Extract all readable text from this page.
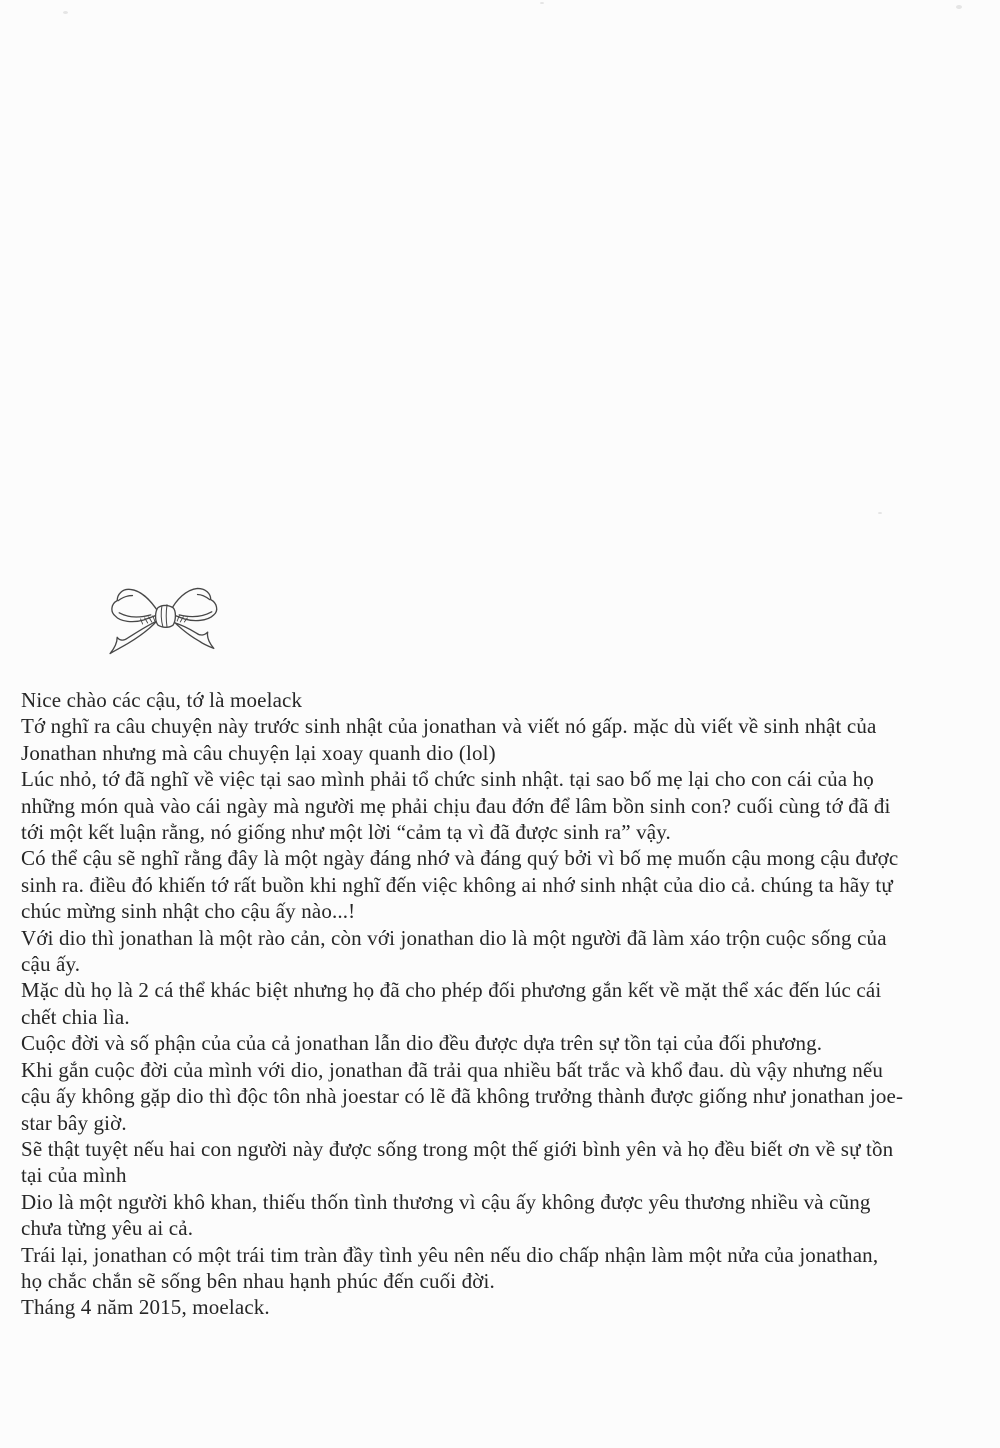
Nice chào các cậu, tớ là moelack
Tớ nghĩ ra câu chuyện này trước sinh nhật của jonathan và viết nó gấp. mặc dù viết về sinh nhật của
Jonathan nhưng mà câu chuyện lại xoay quanh dio (lol)
Lúc nhỏ, tớ đã nghĩ về việc tại sao mình phải tổ chức sinh nhật. tại sao bố mẹ lại cho con cái của họ
những món quà vào cái ngày mà người mẹ phải chịu đau đớn để lâm bồn sinh con? cuối cùng tớ đã đi
tới một kết luận rằng, nó giống như một lời “cảm tạ vì đã được sinh ra” vậy.
Có thể cậu sẽ nghĩ rằng đây là một ngày đáng nhớ và đáng quý bởi vì bố mẹ muốn cậu mong cậu được
sinh ra. điều đó khiến tớ rất buồn khi nghĩ đến việc không ai nhớ sinh nhật của dio cả. chúng ta hãy tự
chúc mừng sinh nhật cho cậu ấy nào...!
Với dio thì jonathan là một rào cản, còn với jonathan dio là một người đã làm xáo trộn cuộc sống của
cậu ấy.
Mặc dù họ là 2 cá thể khác biệt nhưng họ đã cho phép đối phương gắn kết về mặt thể xác đến lúc cái
chết chia lìa.
Cuộc đời và số phận của của cả jonathan lẫn dio đều được dựa trên sự tồn tại của đối phương.
Khi gắn cuộc đời của mình với dio, jonathan đã trải qua nhiều bất trắc và khổ đau. dù vậy nhưng nếu
cậu ấy không gặp dio thì độc tôn nhà joestar có lẽ đã không trưởng thành được giống như jonathan joe-
star bây giờ.
Sẽ thật tuyệt nếu hai con người này được sống trong một thế giới bình yên và họ đều biết ơn về sự tồn
tại của mình
Dio là một người khô khan, thiếu thốn tình thương vì cậu ấy không được yêu thương nhiều và cũng
chưa từng yêu ai cả.
Trái lại, jonathan có một trái tim tràn đầy tình yêu nên nếu dio chấp nhận làm một nửa của jonathan,
họ chắc chắn sẽ sống bên nhau hạnh phúc đến cuối đời.
Tháng 4 năm 2015, moelack.
